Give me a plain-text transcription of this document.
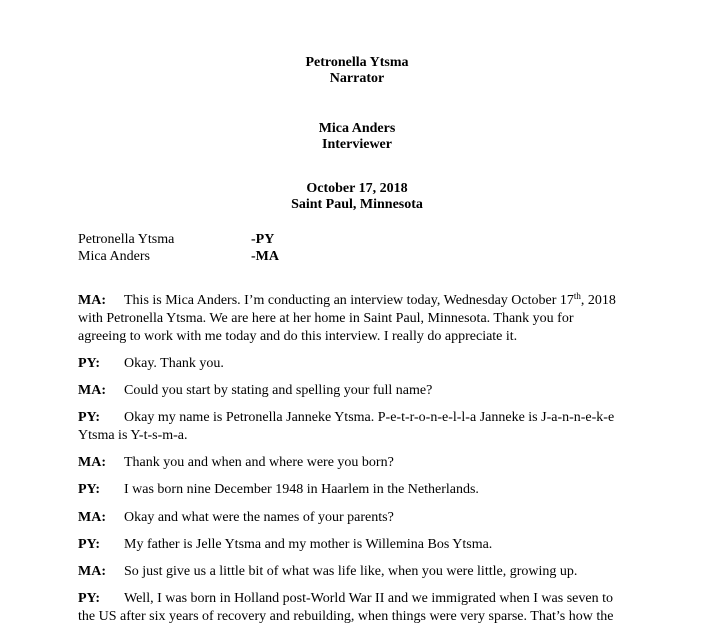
Petronella Ytsma
Narrator
Mica Anders
Interviewer
October 17, 2018
Saint Paul, Minnesota
Petronella Ytsma	-PY
Mica Anders	-MA
MA: This is Mica Anders. I’m conducting an interview today, Wednesday October 17th, 2018
with Petronella Ytsma. We are here at her home in Saint Paul, Minnesota. Thank you for
agreeing to work with me today and do this interview. I really do appreciate it.
PY: Okay. Thank you.
MA: Could you start by stating and spelling your full name?
PY: Okay my name is Petronella Janneke Ytsma. P-e-t-r-o-n-e-l-l-a Janneke is J-a-n-n-e-k-e
Ytsma is Y-t-s-m-a.
MA: Thank you and when and where were you born?
PY: I was born nine December 1948 in Haarlem in the Netherlands.
MA: Okay and what were the names of your parents?
PY: My father is Jelle Ytsma and my mother is Willemina Bos Ytsma.
MA: So just give us a little bit of what was life like, when you were little, growing up.
PY: Well, I was born in Holland post-World War II and we immigrated when I was seven to
the US after six years of recovery and rebuilding, when things were very sparse. That’s how the
